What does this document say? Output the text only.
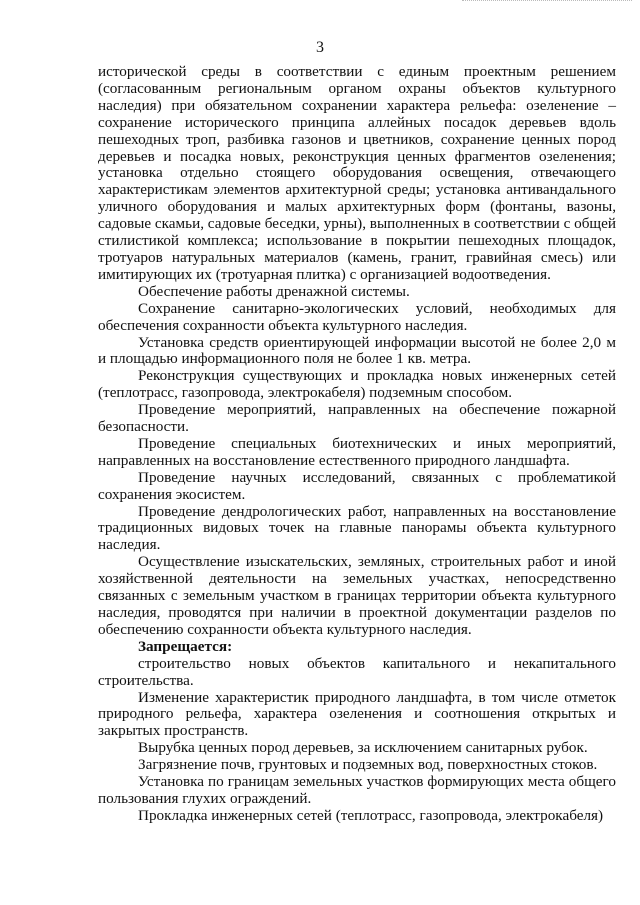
3

исторической среды в соответствии с единым проектным решением (согласованным региональным органом охраны объектов культурного наследия) при обязательном сохранении характера рельефа: озеленение – сохранение исторического принципа аллейных посадок деревьев вдоль пешеходных троп, разбивка газонов и цветников, сохранение ценных пород деревьев и посадка новых, реконструкция ценных фрагментов озеленения; установка отдельно стоящего оборудования освещения, отвечающего характеристикам элементов архитектурной среды; установка антивандального уличного оборудования и малых архитектурных форм (фонтаны, вазоны, садовые скамьи, садовые беседки, урны), выполненных в соответствии с общей стилистикой комплекса; использование в покрытии пешеходных площадок, тротуаров натуральных материалов (камень, гранит, гравийная смесь) или имитирующих их (тротуарная плитка) с организацией водоотведения.

Обеспечение работы дренажной системы.

Сохранение санитарно-экологических условий, необходимых для обеспечения сохранности объекта культурного наследия.

Установка средств ориентирующей информации высотой не более 2,0 м и площадью информационного поля не более 1 кв. метра.

Реконструкция существующих и прокладка новых инженерных сетей (теплотрасс, газопровода, электрокабеля) подземным способом.

Проведение мероприятий, направленных на обеспечение пожарной безопасности.

Проведение специальных биотехнических и иных мероприятий, направленных на восстановление естественного природного ландшафта.

Проведение научных исследований, связанных с проблематикой сохранения экосистем.

Проведение дендрологических работ, направленных на восстановление традиционных видовых точек на главные панорамы объекта культурного наследия.

Осуществление изыскательских, земляных, строительных работ и иной хозяйственной деятельности на земельных участках, непосредственно связанных с земельным участком в границах территории объекта культурного наследия, проводятся при наличии в проектной документации разделов по обеспечению сохранности объекта культурного наследия.

Запрещается:

строительство новых объектов капитального и некапитального строительства.

Изменение характеристик природного ландшафта, в том числе отметок природного рельефа, характера озеленения и соотношения открытых и закрытых пространств.

Вырубка ценных пород деревьев, за исключением санитарных рубок.

Загрязнение почв, грунтовых и подземных вод, поверхностных стоков.

Установка по границам земельных участков формирующих места общего пользования глухих ограждений.

Прокладка инженерных сетей (теплотрасс, газопровода, электрокабеля)
